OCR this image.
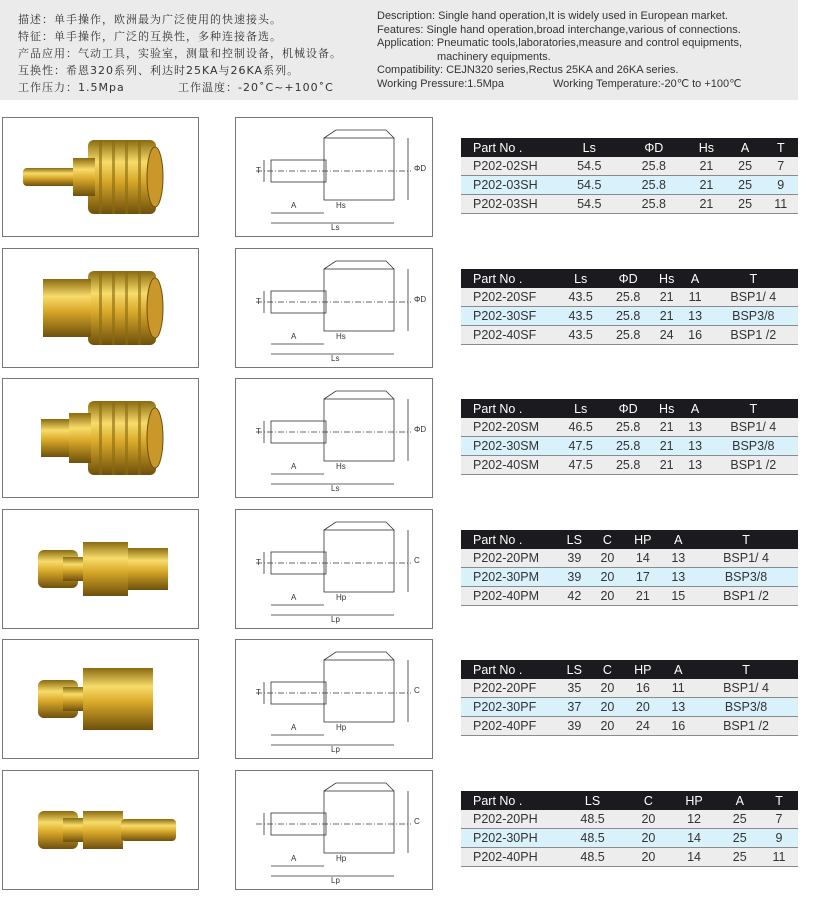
描述：单手操作，欧洲最为广泛使用的快速接头。
特征：单手操作，广泛的互换性，多种连接备选。
产品应用：气动工具，实验室，测量和控制设备，机械设备。
互换性：希恩320系列、利达时25KA与26KA系列。
工作压力：1.5Mpa	工作温度：-20˚C~+100˚C
Description: Single hand operation,It is widely used in European market.
Features: Single hand operation,broad interchange,various of connections.
Application: Pneumatic tools,laboratories,measure and control equipments,
machinery equipments.
Compatibility: CEJN320 series,Rectus 25KA and 26KA series.
Working Pressure:1.5Mpa	Working Temperature:-20℃ to +100℃
T
A
Ls
Hs
ΦD
Part No .	Ls	ΦD	Hs	A	T
P202-02SH	54.5	25.8	21	25	7
P202-03SH	54.5	25.8	21	25	9
P202-03SH	54.5	25.8	21	25	11
T
A
Ls
Hs
ΦD
Part No .	Ls	ΦD	Hs	A	T
P202-20SF	43.5	25.8	21	11	BSP1/ 4
P202-30SF	43.5	25.8	21	13	BSP3/8
P202-40SF	43.5	25.8	24	16	BSP1 /2
T
A
Ls
Hs
ΦD
Part No .	Ls	ΦD	Hs	A	T
P202-20SM	46.5	25.8	21	13	BSP1/ 4
P202-30SM	47.5	25.8	21	13	BSP3/8
P202-40SM	47.5	25.8	21	13	BSP1 /2
T
A
Lp
Hp
C
Part No .	LS	C	HP	A	T
P202-20PM	39	20	14	13	BSP1/ 4
P202-30PM	39	20	17	13	BSP3/8
P202-40PM	42	20	21	15	BSP1 /2
T
A
Lp
Hp
C
Part No .	LS	C	HP	A	T
P202-20PF	35	20	16	11	BSP1/ 4
P202-30PF	37	20	20	13	BSP3/8
P202-40PF	39	20	24	16	BSP1 /2
A
Lp
Hp
C
Part No .	LS	C	HP	A	T
P202-20PH	48.5	20	12	25	7
P202-30PH	48.5	20	14	25	9
P202-40PH	48.5	20	14	25	11
